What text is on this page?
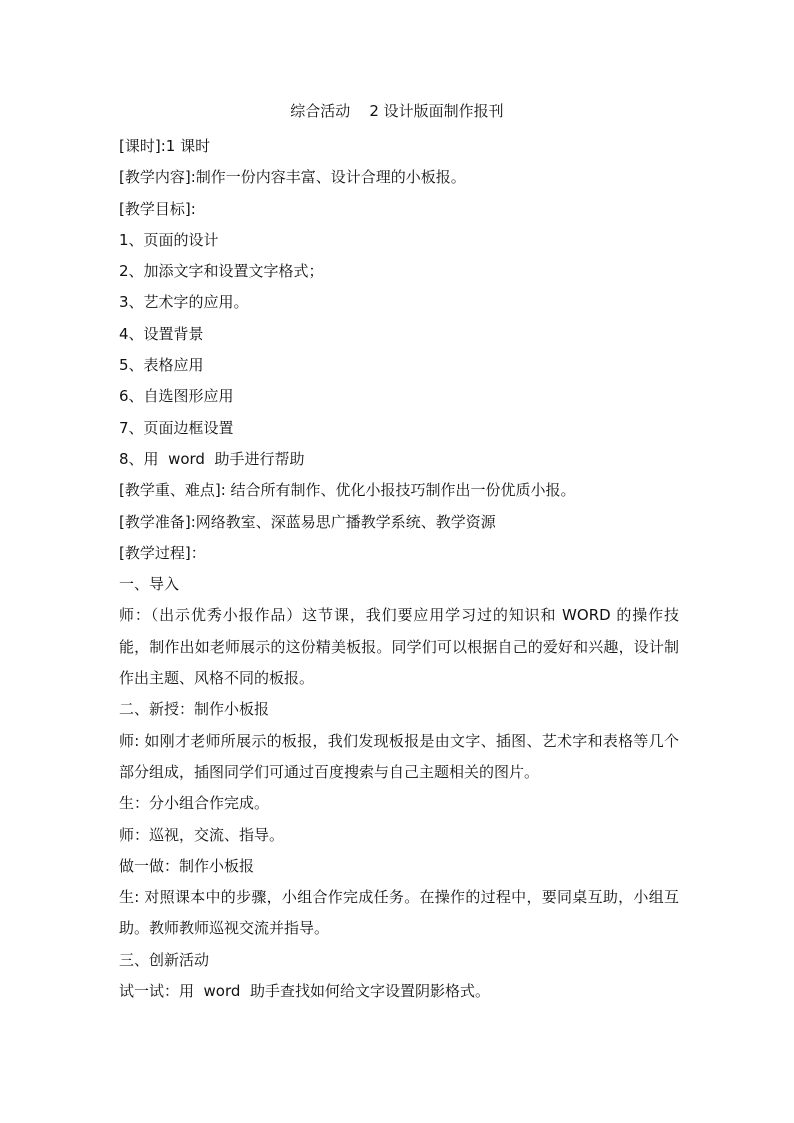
综合活动    2 设计版面制作报刊
[课时]:1 课时
[教学内容]:制作一份内容丰富、设计合理的小板报。
[教学目标]:
1、页面的设计
2、加添文字和设置文字格式；
3、艺术字的应用。
4、设置背景
5、表格应用
6、自选图形应用
7、页面边框设置
8、用  word  助手进行帮助
[教学重、难点]: 结合所有制作、优化小报技巧制作出一份优质小报。
[教学准备]:网络教室、深蓝易思广播教学系统、教学资源
[教学过程]：
一、导入
师：（出示优秀小报作品）这节课，我们要应用学习过的知识和 WORD 的操作技能，制作出如老师展示的这份精美板报。同学们可以根据自己的爱好和兴趣，设计制作出主题、风格不同的板报。
二、新授：制作小板报
师: 如刚才老师所展示的板报，我们发现板报是由文字、插图、艺术字和表格等几个部分组成，插图同学们可通过百度搜索与自己主题相关的图片。
生：分小组合作完成。
师：巡视，交流、指导。
做一做：制作小板报
生: 对照课本中的步骤，小组合作完成任务。在操作的过程中，要同桌互助，小组互助。教师教师巡视交流并指导。
三、创新活动
试一试：用  word  助手查找如何给文字设置阴影格式。
